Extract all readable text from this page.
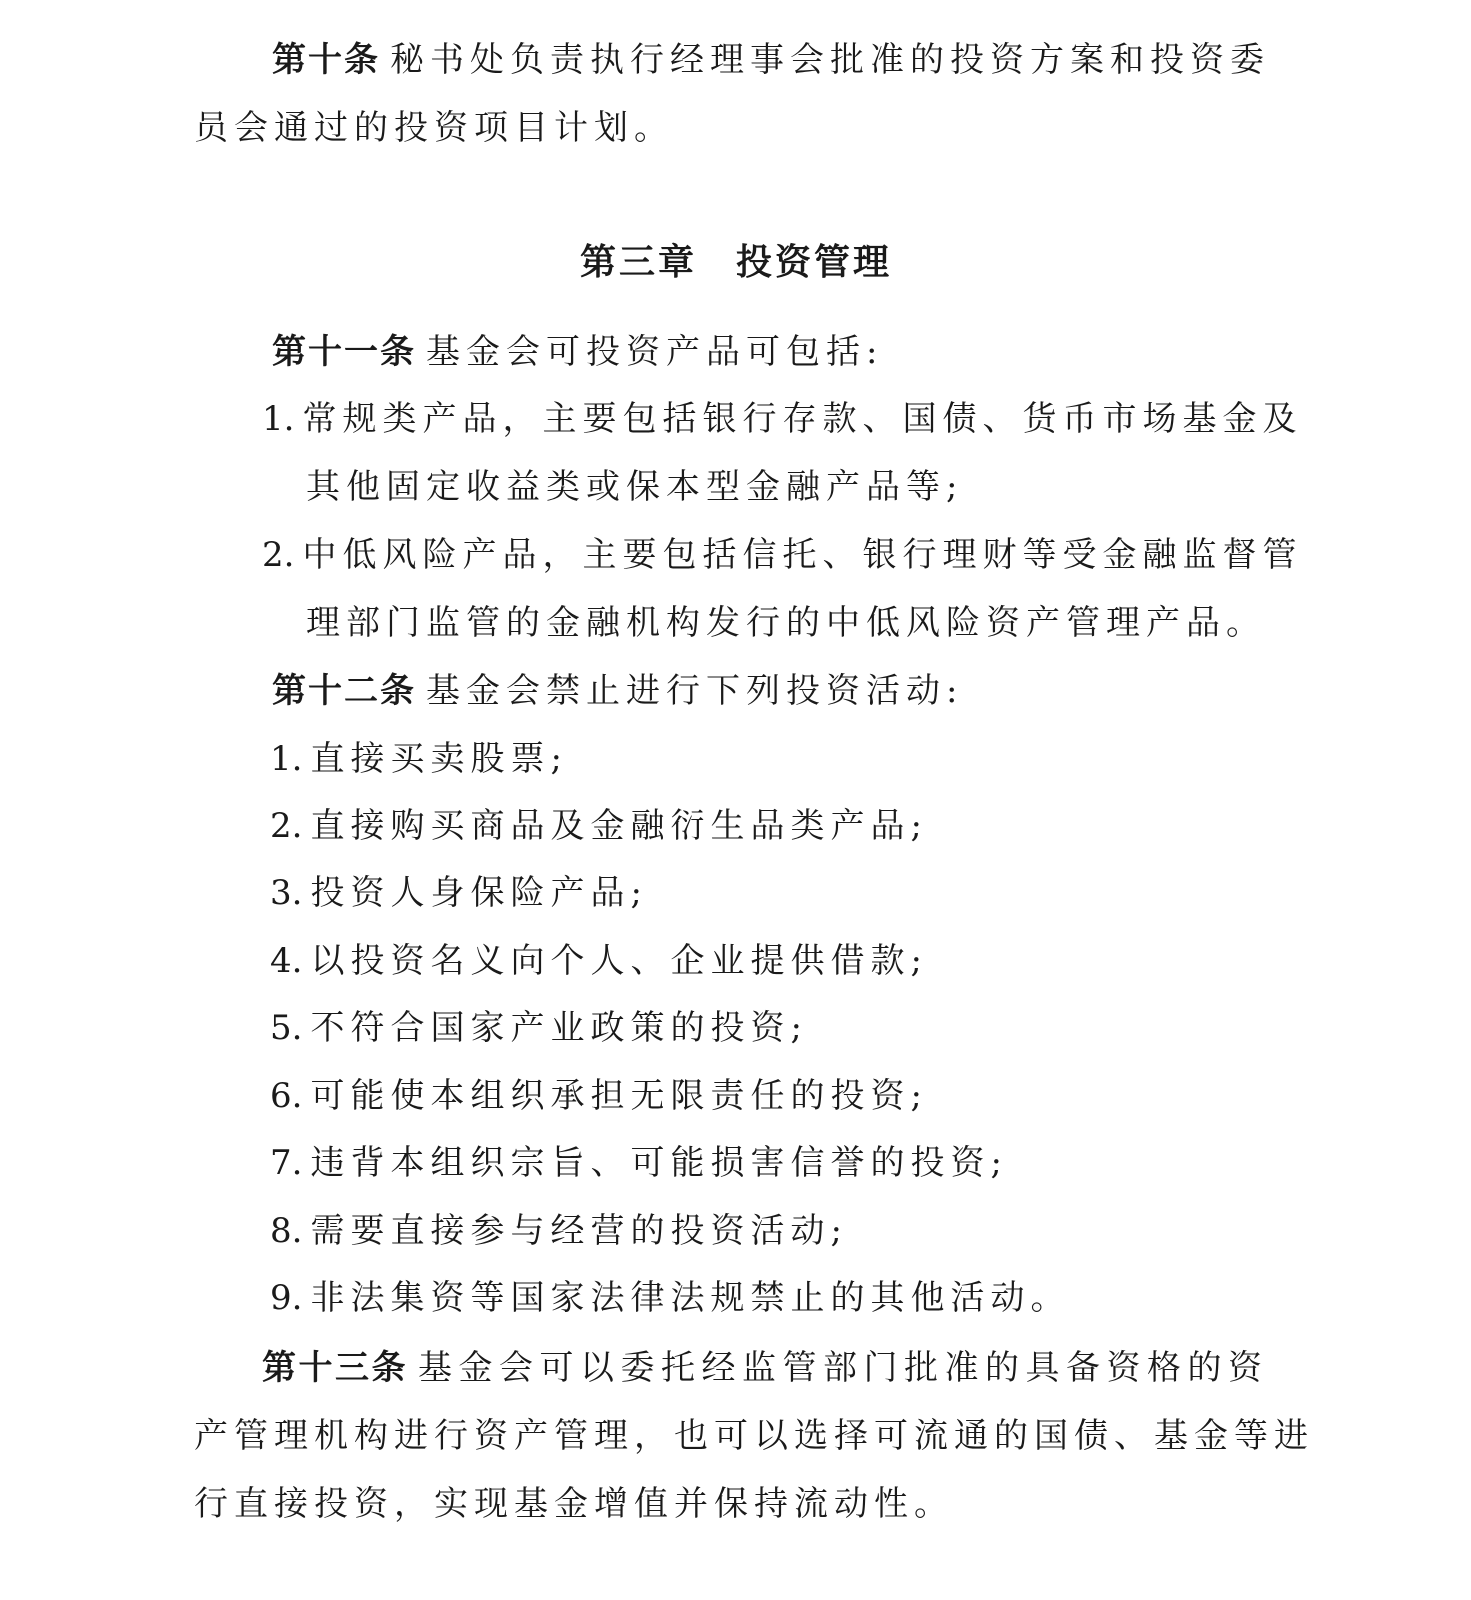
第十条 秘书处负责执行经理事会批准的投资方案和投资委
员会通过的投资项目计划。
第三章　投资管理
第十一条 基金会可投资产品可包括:
1. 常规类产品，主要包括银行存款、国债、货币市场基金及
其他固定收益类或保本型金融产品等;
2. 中低风险产品，主要包括信托、银行理财等受金融监督管
理部门监管的金融机构发行的中低风险资产管理产品。
第十二条 基金会禁止进行下列投资活动:
1. 直接买卖股票;
2. 直接购买商品及金融衍生品类产品;
3. 投资人身保险产品;
4. 以投资名义向个人、企业提供借款;
5. 不符合国家产业政策的投资;
6. 可能使本组织承担无限责任的投资;
7. 违背本组织宗旨、可能损害信誉的投资;
8. 需要直接参与经营的投资活动;
9. 非法集资等国家法律法规禁止的其他活动。
第十三条 基金会可以委托经监管部门批准的具备资格的资
产管理机构进行资产管理，也可以选择可流通的国债、基金等进
行直接投资，实现基金增值并保持流动性。
